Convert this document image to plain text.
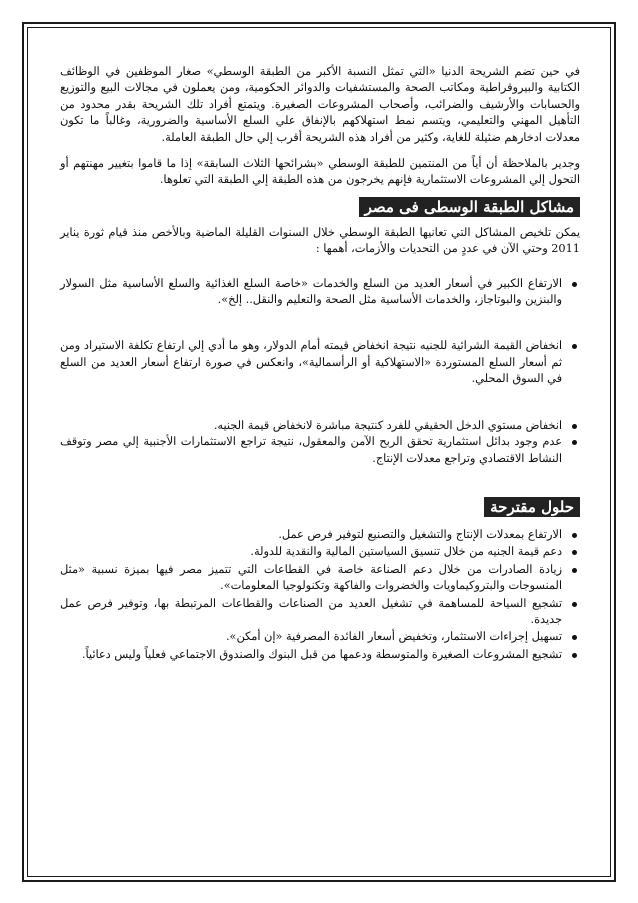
في حين تضم الشريحة الدنيا «التي تمثل النسبة الأكبر من الطبقة الوسطي» صغار الموظفين في الوظائف الكتابية والبيروقراطية ومكاتب الصحة والمستشفيات والدوائر الحكومية، ومن يعملون في مجالات البيع والتوزيع والحسابات والأرشيف والضرائب، وأصحاب المشروعات الصغيرة. ويتمتع أفراد تلك الشريحة بقدر محدود من التأهيل المهني والتعليمي، ويتسم نمط استهلاكهم بالإنفاق علي السلع الأساسية والضرورية، وغالباً ما تكون معدلات ادخارهم ضئيلة للغاية، وكثير من أفراد هذه الشريحة أقرب إلي حال الطبقة العاملة.

وجدير بالملاحظة أن أياً من المنتمين للطبقة الوسطي «بشرائحها الثلاث السابقة» إذا ما قاموا بتغيير مهنتهم أو التحول إلي المشروعات الاستثمارية فإنهم يخرجون من هذه الطبقة إلي الطبقة التي تعلوها.

مشاكل الطبقة الوسطى فى مصر

يمكن تلخيص المشاكل التي تعانيها الطبقة الوسطي خلال السنوات القليلة الماضية وبالأخص منذ قيام ثورة يناير 2011 وحتي الآن في عددٍ من التحديات والأزمات، أهمها :

الارتفاع الكبير في أسعار العديد من السلع والخدمات «خاصة السلع الغذائية والسلع الأساسية مثل السولار والبنزين والبوتاجاز، والخدمات الأساسية مثل الصحة والتعليم والنقل.. إلخ».
انخفاض القيمة الشرائية للجنيه نتيجة انخفاض قيمته أمام الدولار، وهو ما أدي إلي ارتفاع تكلفة الاستيراد ومن ثم أسعار السلع المستوردة «الاستهلاكية أو الرأسمالية»، وانعكس في صورة ارتفاع أسعار العديد من السلع في السوق المحلي.
انخفاض مستوي الدخل الحقيقي للفرد كنتيجة مباشرة لانخفاض قيمة الجنيه.
عدم وجود بدائل استثمارية تحقق الربح الآمن والمعقول، نتيجة تراجع الاستثمارات الأجنبية إلي مصر وتوقف النشاط الاقتصادي وتراجع معدلات الإنتاج.
حلول مقترحة
الارتفاع بمعدلات الإنتاج والتشغيل والتصنيع لتوفير فرص عمل.
دعم قيمة الجنيه من خلال تنسيق السياستين المالية والنقدية للدولة.
زيادة الصادرات من خلال دعم الصناعة خاصة في القطاعات التي تتميز مصر فيها بميزة نسبية «مثل المنسوجات والبتروكيماويات والخضروات والفاكهة وتكنولوجيا المعلومات».
تشجيع السياحة للمساهمة في تشغيل العديد من الصناعات والقطاعات المرتبطة بها، وتوفير فرص عمل جديدة.
تسهيل إجراءات الاستثمار، وتخفيض أسعار الفائدة المصرفية «إن أمكن».
تشجيع المشروعات الصغيرة والمتوسطة ودعمها من قبل البنوك والصندوق الاجتماعي فعلياً وليس دعائياً.
